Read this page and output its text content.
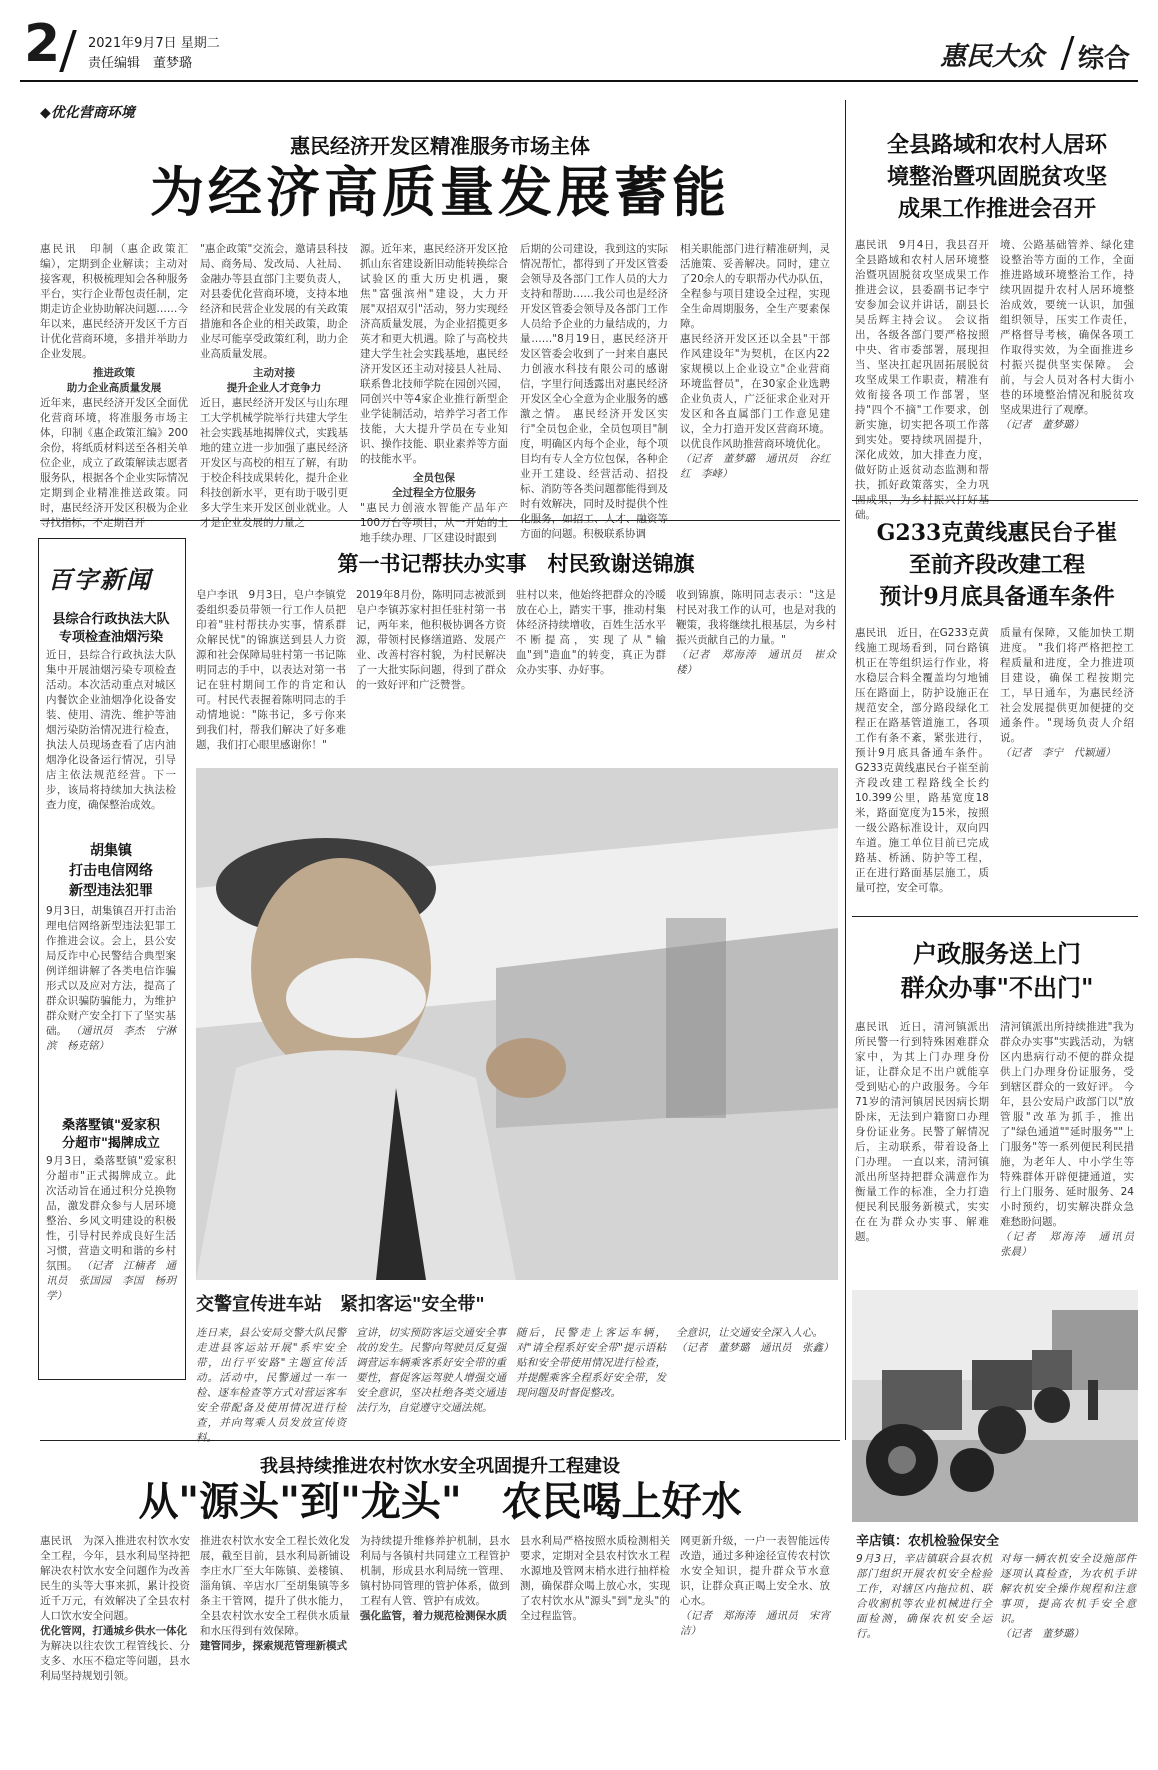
2 2021年9月7日 星期二
责任编辑　董梦璐	惠民大众 综合
◆优化营商环境
惠民经济开发区精准服务市场主体
为经济高质量发展蓄能
惠民讯　印制（惠企政策汇编），定期到企业解读；主动对接客观，积极梳理知会各种服务平台，实行企业帮包责任制，定期走访企业协助解决问题……今年以来，惠民经济开发区千方百计优化营商环境，多措并举助力企业发展。
推进政策
助力企业高质量发展
近年来，惠民经济开发区全面优化营商环境，将准服务市场主体，印制《惠企政策汇编》200余份，将纸质材料送至各相关单位企业，成立了政策解读志愿者服务队，根据各个企业实际情况定期到企业精准推送政策。同时，惠民经济开发区积极为企业寻找指标，不定期召开
"惠企政策"交流会，邀请县科技局、商务局、发改局、人社局、金融办等县直部门主要负责人，对县委优化营商环境，支持本地经济和民营企业发展的有关政策措施和各企业的相关政策，助企业尽可能享受政策红利，助力企业高质量发展。
主动对接
提升企业人才竞争力
近日，惠民经济开发区与山东理工大学机械学院举行共建大学生社会实践基地揭牌仪式，实践基地的建立进一步加强了惠民经济开发区与高校的相互了解，有助于校企科技成果转化，提升企业科技创新水平，更有助于吸引更多大学生来开发区创业就业。人才是企业发展的力量之
源。近年来，惠民经济开发区抢抓山东省建设新旧动能转换综合试验区的重大历史机遇，聚焦"富强滨州"建设，大力开展"双招双引"活动，努力实现经济高质量发展，为企业招揽更多英才和更大机遇。除了与高校共建大学生社会实践基地，惠民经济开发区还主动对接县人社局、联系鲁北技师学院在园创兴园，同创兴中等4家企业推行新型企业学徒制活动，培养学习者工作技能，大大提升学员在专业知识、操作技能、职业素养等方面的技能水平。
全员包保
全过程全方位服务
"惠民力创液水智能产品年产100万台等项目，从一开始的土地手续办理、厂区建设时跟到
后期的公司建设，我到这的实际情况帮忙，都得到了开发区管委会领导及各部门工作人员的大力支持和帮助……我公司也是经济开发区管委会领导及各部门工作人员给予企业的力量结成的，力量……"8月19日，惠民经济开发区管委会收到了一封来自惠民力创液水科技有限公司的感谢信，字里行间透露出对惠民经济开发区全心全意为企业服务的感激之情。 惠民经济开发区实行"全员包企业，全员包项目"制度，明确区内每个企业，每个项目均有专人全方位包保，各种企业开工建设、经营活动、招投标、消防等各类问题都能得到及时有效解决，同时及时提供个性化服务，如招工、人才、融资等方面的问题。积极联系协调
相关职能部门进行精准研判，灵活施策、妥善解决。同时，建立了20余人的专职帮办代办队伍，全程参与项目建设全过程，实现全生命周期服务，全生产要素保障。
惠民经济开发区还以全县"干部作风建设年"为契机，在区内22家规模以上企业设立"企业营商环境监督员"，在30家企业选聘企业负责人，广泛征求企业对开发区和各直属部门工作意见建议，全力打造开发区营商环境。以优良作风助推营商环境优化。
（记者　董梦璐　通讯员　谷红红　李峰）
全县路域和农村人居环
境整治暨巩固脱贫攻坚
成果工作推进会召开
惠民讯　9月4日，我县召开全县路域和农村人居环境整治暨巩固脱贫攻坚成果工作推进会议，县委副书记李宁安参加会议并讲话，副县长吴岳辉主持会议。 会议指出，各级各部门要严格按照中央、省市委部署，展现担当、坚决扛起巩固拓展脱贫攻坚成果工作职责，精准有效衔接各项工作部署，坚持"四个不摘"工作要求，创新实施，切实把各项工作落到实处。要持续巩固提升，深化成效，加大排查力度，做好防止返贫动态监测和帮扶，抓好政策落实，全力巩固成果，为乡村振兴打好基础。
境、公路基础管养、绿化建设整治等方面的工作，全面推进路域环境整治工作，持续巩固提升农村人居环境整治成效，要统一认识，加强组织领导，压实工作责任，严格督导考核，确保各项工作取得实效，为全面推进乡村振兴提供坚实保障。 会前，与会人员对各村大街小巷的环境整治情况和脱贫攻坚成果进行了观摩。
（记者　董梦璐）
G233克黄线惠民台子崔
至前齐段改建工程
预计9月底具备通车条件
惠民讯　近日，在G233克黄线施工现场看到，同台路镇机正在等组织运行作业，将水稳层合料全覆盖均匀地铺压在路面上，防护设施正在规范安全，部分路段绿化工程正在路基管道施工，各项工作有条不紊，紧张进行，预计9月底具备通车条件。 G233克黄线惠民台子崔至前齐段改建工程路线全长约10.399公里，路基宽度18米，路面宽度为15米，按照一级公路标准设计，双向四车道。施工单位目前已完成路基、桥涵、防护等工程，正在进行路面基层施工，质量可控，安全可靠。
质量有保障，又能加快工期进度。 "我们将严格把控工程质量和进度，全力推进项目建设，确保工程按期完工，早日通车，为惠民经济社会发展提供更加便捷的交通条件。"现场负责人介绍说。
（记者　李宁　代颖通）
户政服务送上门
群众办事"不出门"
惠民讯　近日，清河镇派出所民警一行到特殊困难群众家中，为其上门办理身份证，让群众足不出户就能享受到贴心的户政服务。今年71岁的清河镇居民因病长期卧床，无法到户籍窗口办理身份证业务。民警了解情况后，主动联系，带着设备上门办理。 一直以来，清河镇派出所坚持把群众满意作为衡量工作的标准，全力打造便民利民服务新模式，实实在在为群众办实事、解难题。
清河镇派出所持续推进"我为群众办实事"实践活动，为辖区内患病行动不便的群众提供上门办理身份证服务，受到辖区群众的一致好评。 今年，县公安局户政部门以"放管服"改革为抓手，推出了"绿色通道""延时服务""上门服务"等一系列便民利民措施，为老年人、中小学生等特殊群体开辟便捷通道，实行上门服务、延时服务、24小时预约，切实解决群众急难愁盼问题。
（记者　郑海涛　通讯员　张晨）
百字新闻
县综合行政执法大队
专项检查油烟污染
近日，县综合行政执法大队集中开展油烟污染专项检查活动。本次活动重点对城区内餐饮企业油烟净化设备安装、使用、清洗、维护等油烟污染防治情况进行检查，执法人员现场查看了店内油烟净化设备运行情况，引导店主依法规范经营。下一步，该局将持续加大执法检查力度，确保整治成效。
胡集镇
打击电信网络
新型违法犯罪
9月3日，胡集镇召开打击治理电信网络新型违法犯罪工作推进会议。会上，县公安局反诈中心民警结合典型案例详细讲解了各类电信诈骗形式以及应对方法，提高了群众识骗防骗能力，为维护群众财产安全打下了坚实基础。 （通讯员　李杰　宁淋滨　杨克铭）
桑落墅镇"爱家积
分超市"揭牌成立
9月3日，桑落墅镇"爱家积分超市"正式揭牌成立。此次活动旨在通过积分兑换物品，激发群众参与人居环境整治、乡风文明建设的积极性，引导村民养成良好生活习惯，营造文明和谐的乡村氛围。 （记者　江楠者　通讯员　张国园　李国　杨玥学）
第一书记帮扶办实事　村民致谢送锦旗
皂户李讯　9月3日，皂户李镇党委组织委员带领一行工作人员把印着"驻村帮扶办实事，情系群众解民忧"的锦旗送到县人力资源和社会保障局驻村第一书记陈明同志的手中，以表达对第一书记在驻村期间工作的肯定和认可。村民代表握着陈明同志的手动情地说："陈书记，多亏你来到我们村，帮我们解决了好多难题，我们打心眼里感谢你！"
2019年8月份，陈明同志被派到皂户李镇苏家村担任驻村第一书记，两年来，他积极协调各方资源，带领村民修缮道路、发展产业、改善村容村貌，为村民解决了一大批实际问题，得到了群众的一致好评和广泛赞誉。
驻村以来，他始终把群众的冷暖放在心上，踏实干事，推动村集体经济持续增收，百姓生活水平不断提高，实现了从"输血"到"造血"的转变，真正为群众办实事、办好事。
收到锦旗，陈明同志表示："这是村民对我工作的认可，也是对我的鞭策，我将继续扎根基层，为乡村振兴贡献自己的力量。"
（记者　郑海涛　通讯员　崔众楼）
交警宣传进车站　紧扣客运"安全带"
连日来，县公安局交警大队民警走进县客运站开展"系牢安全带，出行平安路"主题宣传活动。活动中，民警通过一车一检、逐车检查等方式对营运客车安全带配备及使用情况进行检查，并向驾乘人员发放宣传资料。
宣讲，切实预防客运交通安全事故的发生。民警向驾驶员反复强调营运车辆乘客系好安全带的重要性，督促客运驾驶人增强交通安全意识，坚决杜绝各类交通违法行为，自觉遵守交通法规。
随后，民警走上客运车辆，对"请全程系好安全带"提示语粘贴和安全带使用情况进行检查，并提醒乘客全程系好安全带，发现问题及时督促整改。
全意识，让交通安全深入人心。
（记者　董梦璐　通讯员　张鑫）
我县持续推进农村饮水安全巩固提升工程建设
从"源头"到"龙头"　农民喝上好水
惠民讯　为深入推进农村饮水安全工程，今年，县水利局坚持把解决农村饮水安全问题作为改善民生的头等大事来抓，累计投资近千万元，有效解决了全县农村人口饮水安全问题。
优化管网，打通城乡供水一体化
为解决以往农饮工程管线长、分支多、水压不稳定等问题，县水利局坚持规划引领。
推进农村饮水安全工程长效化发展，截至目前，县水利局新铺设李庄水厂至大年陈镇、姜楼镇、淄角镇、辛店水厂至胡集镇等多条主干管网，提升了供水能力，全县农村饮水安全工程供水质量和水压得到有效保障。
建管同步，探索规范管理新模式
为持续提升维修养护机制，县水利局与各镇村共同建立工程管护机制，形成县水利局统一管理、镇村协同管理的管护体系，做到工程有人管、管护有成效。
强化监管，着力规范检测保水质
县水利局严格按照水质检测相关要求，定期对全县农村饮水工程水源地及管网末梢水进行抽样检测，确保群众喝上放心水，实现了农村饮水从"源头"到"龙头"的全过程监管。
网更新升级，一户一表智能远传改造，通过多种途径宣传农村饮水安全知识，提升群众节水意识，让群众真正喝上安全水、放心水。
（记者　郑海涛　通讯员　宋宵洁）
辛店镇：农机检验保安全
9月3日，辛店镇联合县农机部门组织开展农机安全检验工作，对辖区内拖拉机、联合收割机等农业机械进行全面检测，确保农机安全运行。
对每一辆农机安全设施部件逐项认真检查，为农机手讲解农机安全操作规程和注意事项，提高农机手安全意识。
（记者　董梦璐）
